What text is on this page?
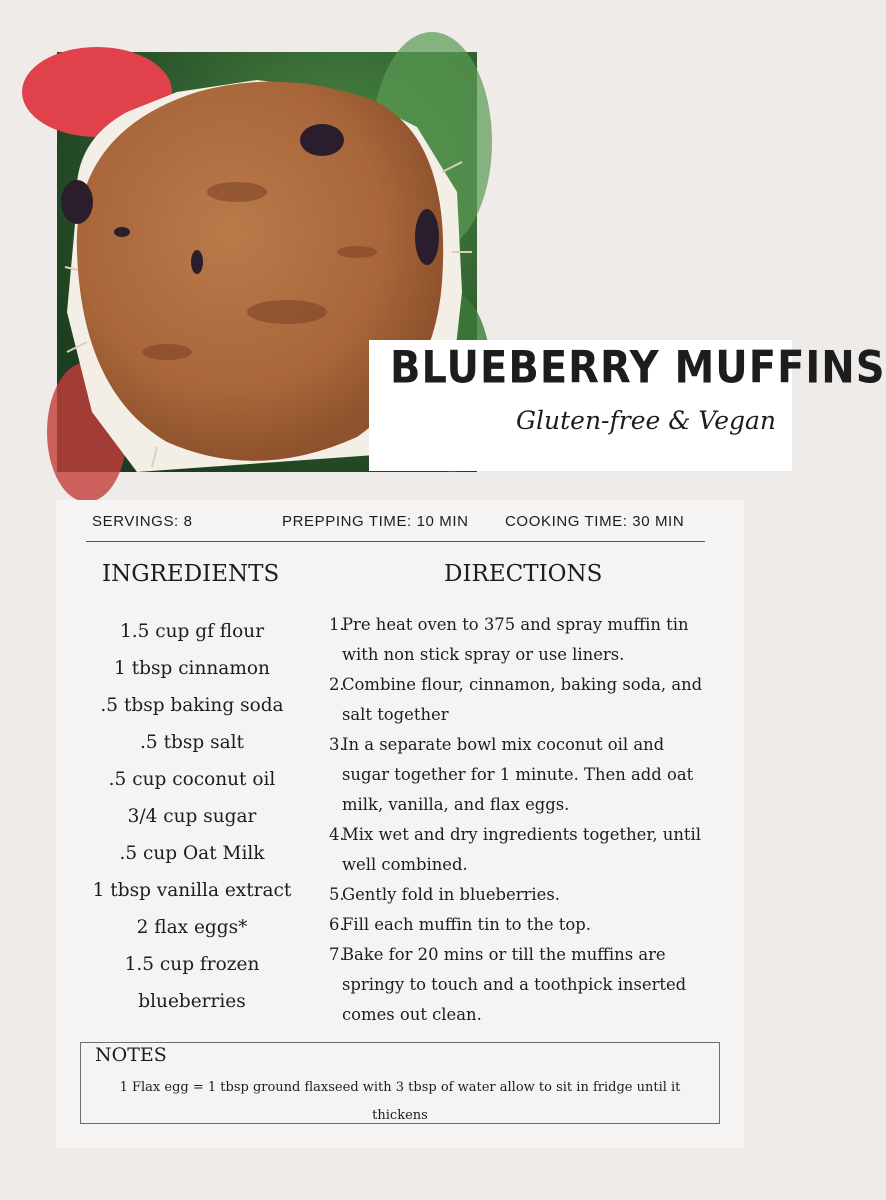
BLUEBERRY MUFFINS
Gluten-free & Vegan
SERVINGS: 8	PREPPING TIME: 10 MIN COOKING TIME: 30 MIN
INGREDIENTS	DIRECTIONS
1.5 cup gf flour
1 tbsp cinnamon
.5 tbsp baking soda
.5 tbsp salt
.5 cup coconut oil
3/4 cup sugar
.5 cup Oat Milk
1 tbsp vanilla extract
2 flax eggs*
1.5 cup frozen
blueberries
1.
Pre heat oven to 375 and spray muffin tin
with non stick spray or use liners.
2.
Combine flour, cinnamon, baking soda, and
salt together
3.
In a separate bowl mix coconut oil and
sugar together for 1 minute. Then add oat
milk, vanilla, and flax eggs.
4.
Mix wet and dry ingredients together, until
well combined.
5.
Gently fold in blueberries.
6.
Fill each muffin tin to the top.
7.
Bake for 20 mins or till the muffins are
springy to touch and a toothpick inserted
comes out clean.
NOTES
1 Flax egg = 1 tbsp ground flaxseed with 3 tbsp of water allow to sit in fridge until it thickens
